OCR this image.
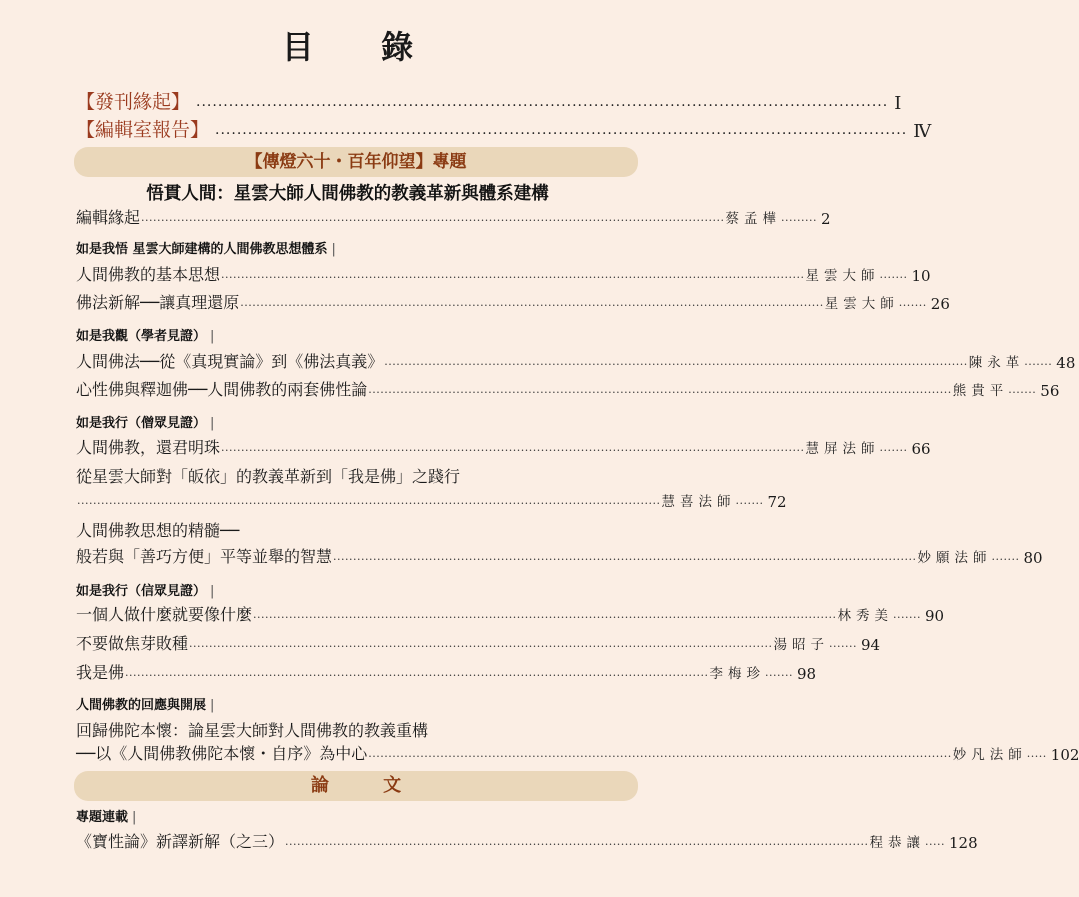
目 錄
【發刊緣起】 ............................................................................................................................... I
【編輯室報告】 ............................................................................................................................... Ⅳ
【傳燈六十・百年仰望】專題
悟貫人間：星雲大師人間佛教的教義革新與體系建構
編輯緣起 .................................................................................................................................................. 蔡孟樺 ......... 2
如是我悟 星雲大師建構的人間佛教思想體系 |
人間佛教的基本思想 .................................................................................................................................................. 星雲大師 ....... 10
佛法新解──讓真理還原 .................................................................................................................................................. 星雲大師 ....... 26
如是我觀（學者見證） |
人間佛法──從《真現實論》到《佛法真義》 .................................................................................................................................................. 陳永革 ....... 48
心性佛與釋迦佛──人間佛教的兩套佛性論 .................................................................................................................................................. 熊貴平 ....... 56
如是我行（僧眾見證） |
人間佛教，還君明珠 .................................................................................................................................................. 慧屏法師 ....... 66
從星雲大師對「皈依」的教義革新到「我是佛」之踐行
.................................................................................................................................................. 慧喜法師 ....... 72
人間佛教思想的精髓──
般若與「善巧方便」平等並舉的智慧 .................................................................................................................................................. 妙願法師 ....... 80
如是我行（信眾見證） |
一個人做什麼就要像什麼 .................................................................................................................................................. 林秀美 ....... 90
不要做焦芽敗種 .................................................................................................................................................. 湯昭子 ....... 94
我是佛 .................................................................................................................................................. 李梅珍 ....... 98
人間佛教的回應與開展 |
回歸佛陀本懷：論星雲大師對人間佛教的教義重構
──以《人間佛教佛陀本懷・自序》為中心 .................................................................................................................................................. 妙凡法師 ..... 102
論 文
專題連載 |
《寶性論》新譯新解（之三） .................................................................................................................................................. 程恭讓 ..... 128
